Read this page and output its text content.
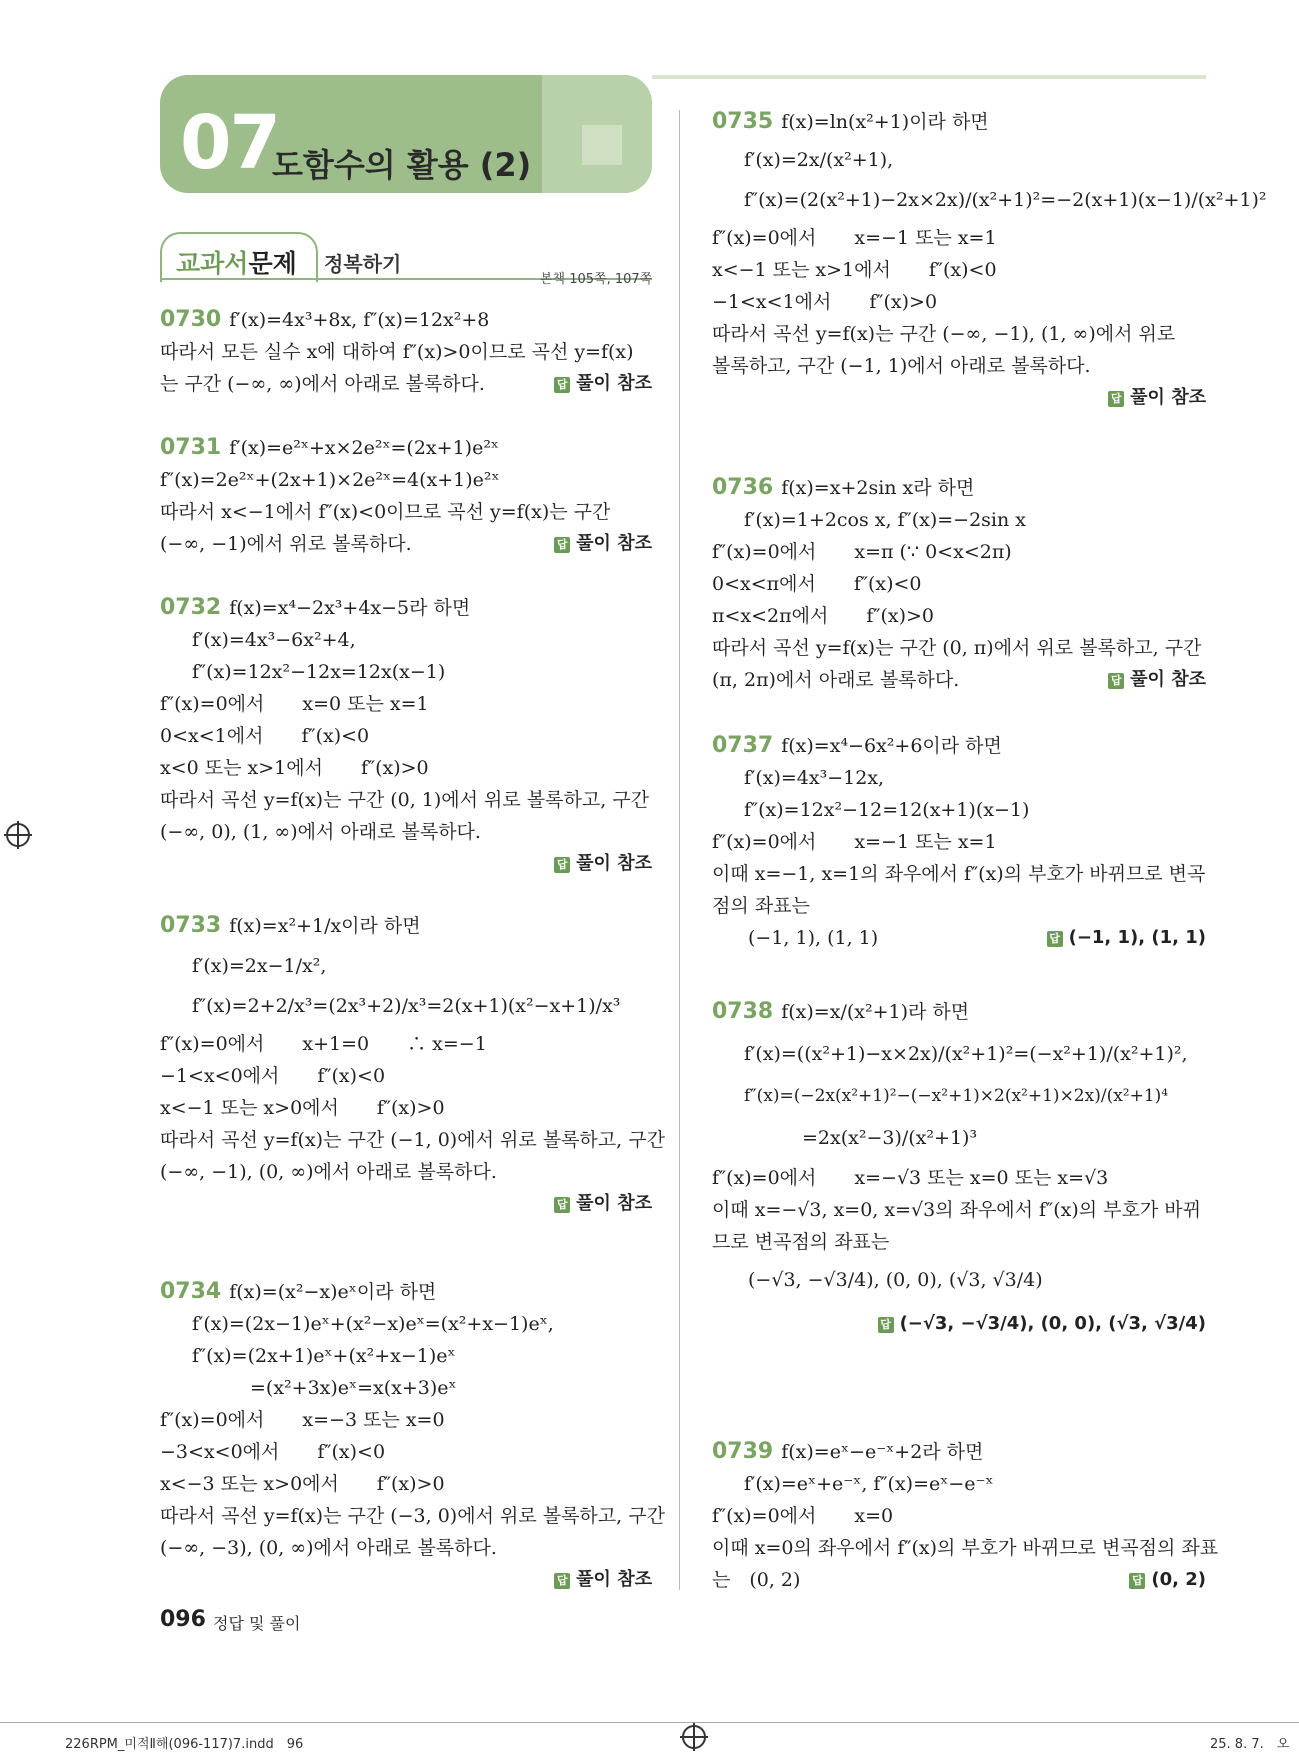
07
도함수의 활용 (2)
교과서문제 정복하기
본책 105쪽, 107쪽
0730 f′(x)=4x³+8x, f″(x)=12x²+8
따라서 모든 실수 x에 대하여 f″(x)>0이므로 곡선 y=f(x)
는 구간 (−∞, ∞)에서 아래로 볼록하다.	답 풀이 참조
0731 f′(x)=e²ˣ+x×2e²ˣ=(2x+1)e²ˣ
f″(x)=2e²ˣ+(2x+1)×2e²ˣ=4(x+1)e²ˣ
따라서 x<−1에서 f″(x)<0이므로 곡선 y=f(x)는 구간
(−∞, −1)에서 위로 볼록하다.	답 풀이 참조
0732 f(x)=x⁴−2x³+4x−5라 하면
f′(x)=4x³−6x²+4,
f″(x)=12x²−12x=12x(x−1)
f″(x)=0에서　　x=0 또는 x=1
0<x<1에서　　f″(x)<0
x<0 또는 x>1에서　　f″(x)>0
따라서 곡선 y=f(x)는 구간 (0, 1)에서 위로 볼록하고, 구간
(−∞, 0), (1, ∞)에서 아래로 볼록하다.
답 풀이 참조
0733 f(x)=x²+1/x이라 하면
f′(x)=2x−1/x²,
f″(x)=2+2/x³=(2x³+2)/x³=2(x+1)(x²−x+1)/x³
f″(x)=0에서　　x+1=0　　∴ x=−1
−1<x<0에서　　f″(x)<0
x<−1 또는 x>0에서　　f″(x)>0
따라서 곡선 y=f(x)는 구간 (−1, 0)에서 위로 볼록하고, 구간
(−∞, −1), (0, ∞)에서 아래로 볼록하다.
답 풀이 참조
0734 f(x)=(x²−x)eˣ이라 하면
f′(x)=(2x−1)eˣ+(x²−x)eˣ=(x²+x−1)eˣ,
f″(x)=(2x+1)eˣ+(x²+x−1)eˣ
=(x²+3x)eˣ=x(x+3)eˣ
f″(x)=0에서　　x=−3 또는 x=0
−3<x<0에서　　f″(x)<0
x<−3 또는 x>0에서　　f″(x)>0
따라서 곡선 y=f(x)는 구간 (−3, 0)에서 위로 볼록하고, 구간
(−∞, −3), (0, ∞)에서 아래로 볼록하다.
답 풀이 참조
0735 f(x)=ln(x²+1)이라 하면
f′(x)=2x/(x²+1),
f″(x)=(2(x²+1)−2x×2x)/(x²+1)²=−2(x+1)(x−1)/(x²+1)²
f″(x)=0에서　　x=−1 또는 x=1
x<−1 또는 x>1에서　　f″(x)<0
−1<x<1에서　　f″(x)>0
따라서 곡선 y=f(x)는 구간 (−∞, −1), (1, ∞)에서 위로
볼록하고, 구간 (−1, 1)에서 아래로 볼록하다.
답 풀이 참조
0736 f(x)=x+2sin x라 하면
f′(x)=1+2cos x, f″(x)=−2sin x
f″(x)=0에서　　x=π (∵ 0<x<2π)
0<x<π에서　　f″(x)<0
π<x<2π에서　　f″(x)>0
따라서 곡선 y=f(x)는 구간 (0, π)에서 위로 볼록하고, 구간
(π, 2π)에서 아래로 볼록하다.	답 풀이 참조
0737 f(x)=x⁴−6x²+6이라 하면
f′(x)=4x³−12x,
f″(x)=12x²−12=12(x+1)(x−1)
f″(x)=0에서　　x=−1 또는 x=1
이때 x=−1, x=1의 좌우에서 f″(x)의 부호가 바뀌므로 변곡
점의 좌표는
(−1, 1), (1, 1)	답 (−1, 1), (1, 1)
0738 f(x)=x/(x²+1)라 하면
f′(x)=((x²+1)−x×2x)/(x²+1)²=(−x²+1)/(x²+1)²,
f″(x)=(−2x(x²+1)²−(−x²+1)×2(x²+1)×2x)/(x²+1)⁴
=2x(x²−3)/(x²+1)³
f″(x)=0에서　　x=−√3 또는 x=0 또는 x=√3
이때 x=−√3, x=0, x=√3의 좌우에서 f″(x)의 부호가 바뀌
므로 변곡점의 좌표는
(−√3, −√3/4), (0, 0), (√3, √3/4)
답 (−√3, −√3/4), (0, 0), (√3, √3/4)
0739 f(x)=eˣ−e⁻ˣ+2라 하면
f′(x)=eˣ+e⁻ˣ, f″(x)=eˣ−e⁻ˣ
f″(x)=0에서　　x=0
이때 x=0의 좌우에서 f″(x)의 부호가 바뀌므로 변곡점의 좌표
는　(0, 2)	답 (0, 2)
096 정답 및 풀이
226RPM_미적Ⅱ해(096-117)7.indd　96	25. 8. 7.　오
